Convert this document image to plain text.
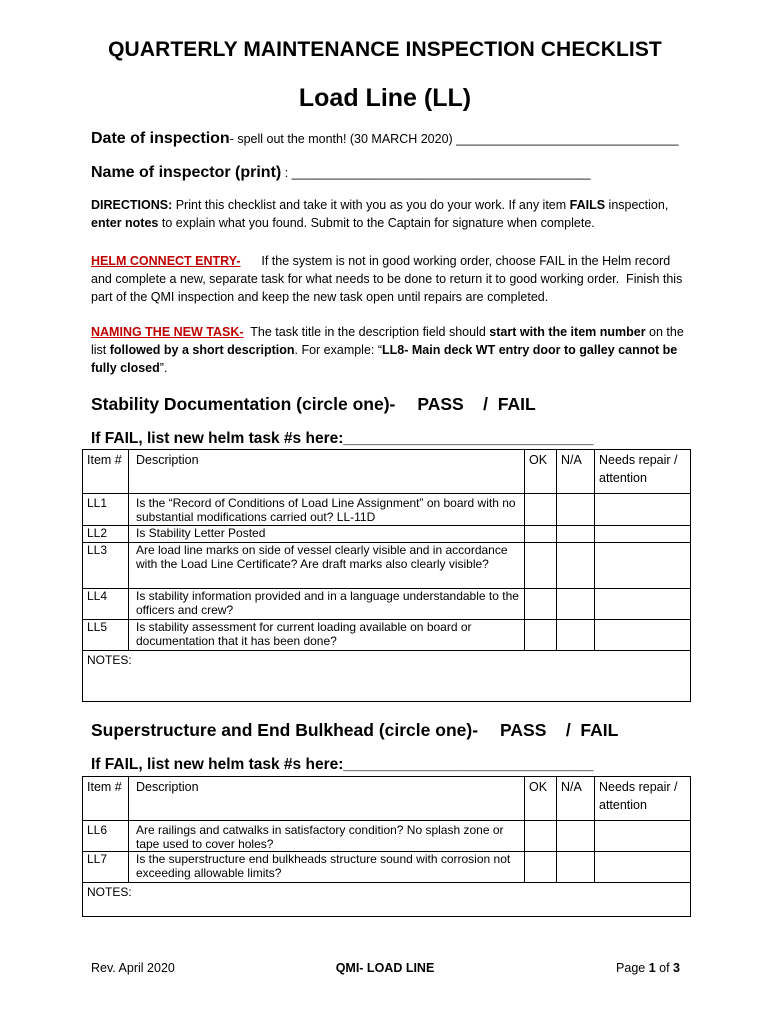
QUARTERLY MAINTENANCE INSPECTION CHECKLIST
Load Line (LL)
Date of inspection- spell out the month! (30 MARCH 2020) ________________________________
Name of inspector (print) : ___________________________________________
DIRECTIONS: Print this checklist and take it with you as you do your work. If any item FAILS inspection, enter notes to explain what you found. Submit to the Captain for signature when complete.
HELM CONNECT ENTRY-      If the system is not in good working order, choose FAIL in the Helm record and complete a new, separate task for what needs to be done to return it to good working order.  Finish this part of the QMI inspection and keep the new task open until repairs are completed.
NAMING THE NEW TASK-  The task title in the description field should start with the item number on the list followed by a short description. For example: “LL8- Main deck WT entry door to galley cannot be fully closed”.
Stability Documentation (circle one)- PASS    /  FAIL
If FAIL, list new helm task #s here:_____________________________
Item #	Description	OK	N/A	Needs repair / attention
LL1	Is the “Record of Conditions of Load Line Assignment” on board with no substantial modifications carried out? LL-11D			
LL2	Is Stability Letter Posted			
LL3	Are load line marks on side of vessel clearly visible and in accordance with the Load Line Certificate? Are draft marks also clearly visible?			
LL4	Is stability information provided and in a language understandable to the officers and crew?			
LL5	Is stability assessment for current loading available on board or documentation that it has been done?			
NOTES:				
Superstructure and End Bulkhead (circle one)- PASS    /  FAIL
If FAIL, list new helm task #s here:_____________________________
Item #	Description	OK	N/A	Needs repair / attention
LL6	Are railings and catwalks in satisfactory condition? No splash zone or tape used to cover holes?			
LL7	Is the superstructure end bulkheads structure sound with corrosion not exceeding allowable limits?			
NOTES:				
Rev. April 2020	QMI- LOAD LINE	Page 1 of 3
